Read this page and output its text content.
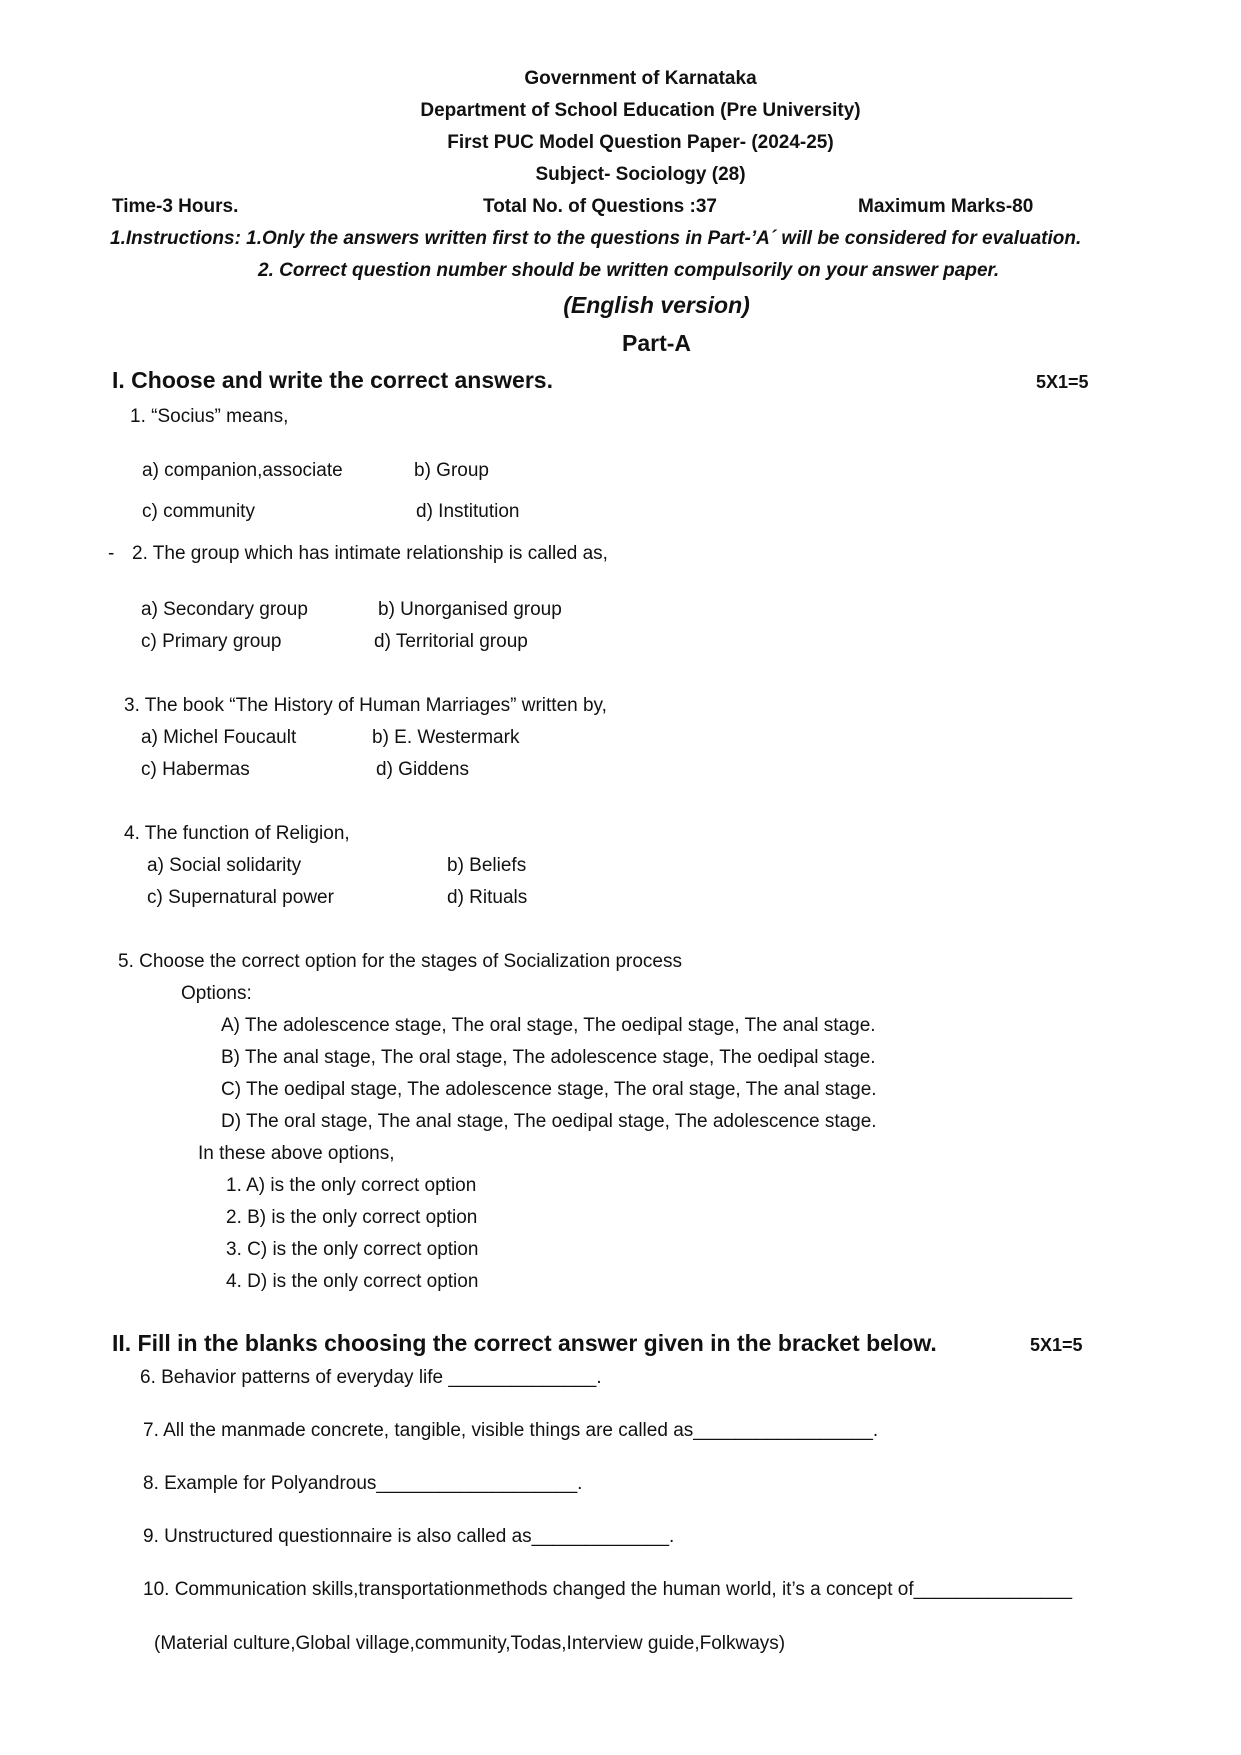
Government of Karnataka
Department of School Education (Pre University)
First PUC Model Question Paper- (2024-25)
Subject- Sociology (28)
Time-3 Hours.	Total No. of Questions :37	Maximum Marks-80
1.Instructions: 1.Only the answers written first to the questions in Part-’A´ will be considered for evaluation.
2. Correct question number should be written compulsorily on your answer paper.
(English version)
Part-A
I. Choose and write the correct answers.	5X1=5
1. “Socius” means,
a) companion,associate	b) Group
c) community	d) Institution
- 2. The group which has intimate relationship is called as,
a) Secondary group	b) Unorganised group
c) Primary group	d) Territorial group
3. The book “The History of Human Marriages” written by,
a) Michel Foucault	b) E. Westermark
c) Habermas	d) Giddens
4. The function of Religion,
a) Social solidarity	b) Beliefs
c) Supernatural power	d) Rituals
5. Choose the correct option for the stages of Socialization process
Options:
A) The adolescence stage, The oral stage, The oedipal stage, The anal stage.
B) The anal stage, The oral stage, The adolescence stage, The oedipal stage.
C) The oedipal stage, The adolescence stage, The oral stage, The anal stage.
D) The oral stage, The anal stage, The oedipal stage, The adolescence stage.
In these above options,
1. A) is the only correct option
2. B) is the only correct option
3. C) is the only correct option
4. D) is the only correct option
II. Fill in the blanks choosing the correct answer given in the bracket below.	5X1=5
6. Behavior patterns of everyday life ______________.
7. All the manmade concrete, tangible, visible things are called as_________________.
8. Example for Polyandrous___________________.
9. Unstructured questionnaire is also called as_____________.
10. Communication skills,transportationmethods changed the human world, it’s a concept of_______________
(Material culture,Global village,community,Todas,Interview guide,Folkways)
